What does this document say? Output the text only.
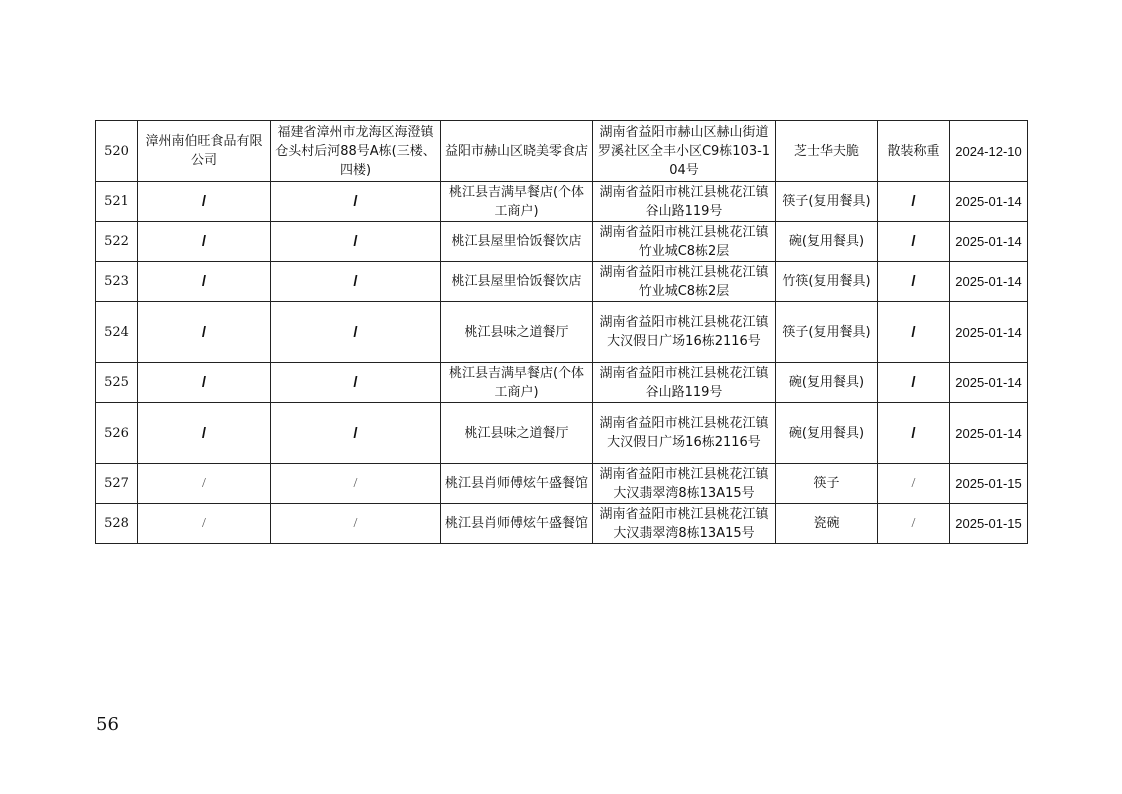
520	漳州南伯旺食品有限公司	福建省漳州市龙海区海澄镇仓头村后河88号A栋(三楼、四楼)	益阳市赫山区晓美零食店	湖南省益阳市赫山区赫山街道罗溪社区全丰小区C9栋103-104号	芝士华夫脆	散装称重	2024-12-10
521	/	/	桃江县吉满早餐店(个体工商户)	湖南省益阳市桃江县桃花江镇谷山路119号	筷子(复用餐具)	/	2025-01-14
522	/	/	桃江县屋里恰饭餐饮店	湖南省益阳市桃江县桃花江镇竹业城C8栋2层	碗(复用餐具)	/	2025-01-14
523	/	/	桃江县屋里恰饭餐饮店	湖南省益阳市桃江县桃花江镇竹业城C8栋2层	竹筷(复用餐具)	/	2025-01-14
524	/	/	桃江县味之道餐厅	湖南省益阳市桃江县桃花江镇大汉假日广场16栋2116号	筷子(复用餐具)	/	2025-01-14
525	/	/	桃江县吉满早餐店(个体工商户)	湖南省益阳市桃江县桃花江镇谷山路119号	碗(复用餐具)	/	2025-01-14
526	/	/	桃江县味之道餐厅	湖南省益阳市桃江县桃花江镇大汉假日广场16栋2116号	碗(复用餐具)	/	2025-01-14
527	/	/	桃江县肖师傅炫午盛餐馆	湖南省益阳市桃江县桃花江镇大汉翡翠湾8栋13A15号	筷子	/	2025-01-15
528	/	/	桃江县肖师傅炫午盛餐馆	湖南省益阳市桃江县桃花江镇大汉翡翠湾8栋13A15号	瓷碗	/	2025-01-15
56
